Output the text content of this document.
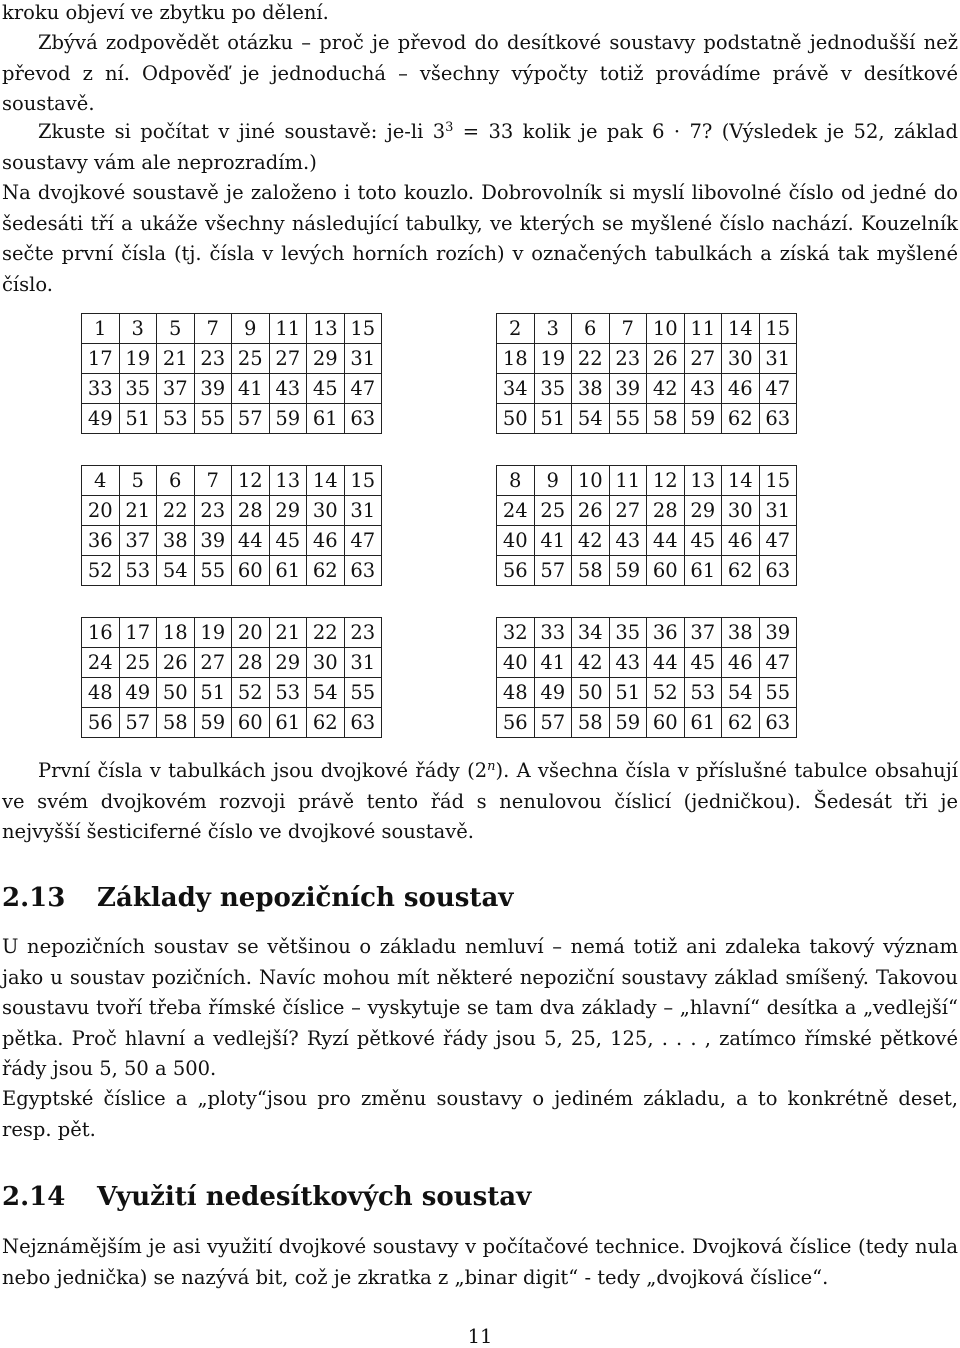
kroku objeví ve zbytku po dělení.

Zbývá zodpovědět otázku – proč je převod do desítkové soustavy podstatně jednodušší než převod z ní. Odpověď je jednoduchá – všechny výpočty totiž provádíme právě v desítkové soustavě.

Zkuste si počítat v jiné soustavě: je-li $3^3 = 33$ kolik je pak 6 · 7? (Výsledek je 52, základ soustavy vám ale neprozradím.)

Na dvojkové soustavě je založeno i toto kouzlo. Dobrovolník si myslí libovolné číslo od jedné do šedesáti tří a ukáže všechny následující tabulky, ve kterých se myšlené číslo nachází. Kouzelník sečte první čísla (tj. čísla v levých horních rozích) v označených tabulkách a získá tak myšlené číslo.

1	3	5	7	9	11	13	15
17	19	21	23	25	27	29	31
33	35	37	39	41	43	45	47
49	51	53	55	57	59	61	63
2	3	6	7	10	11	14	15
18	19	22	23	26	27	30	31
34	35	38	39	42	43	46	47
50	51	54	55	58	59	62	63
4	5	6	7	12	13	14	15
20	21	22	23	28	29	30	31
36	37	38	39	44	45	46	47
52	53	54	55	60	61	62	63
8	9	10	11	12	13	14	15
24	25	26	27	28	29	30	31
40	41	42	43	44	45	46	47
56	57	58	59	60	61	62	63
16	17	18	19	20	21	22	23
24	25	26	27	28	29	30	31
48	49	50	51	52	53	54	55
56	57	58	59	60	61	62	63
32	33	34	35	36	37	38	39
40	41	42	43	44	45	46	47
48	49	50	51	52	53	54	55
56	57	58	59	60	61	62	63

První čísla v tabulkách jsou dvojkové řády (2$^n$). A všechna čísla v příslušné tabulce obsahují ve svém dvojkovém rozvoji právě tento řád s nenulovou číslicí (jedničkou). Šedesát tři je nejvyšší šesticiferné číslo ve dvojkové soustavě.

2.13	Základy nepozičních soustav

U nepozičních soustav se většinou o základu nemluví – nemá totiž ani zdaleka takový význam jako u soustav pozičních. Navíc mohou mít některé nepoziční soustavy základ smíšený. Takovou soustavu tvoří třeba římské číslice – vyskytuje se tam dva základy – „hlavní“ desítka a „vedlejší“ pětka. Proč hlavní a vedlejší? Ryzí pětkové řády jsou 5, 25, 125, . . . , zatímco římské pětkové řády jsou 5, 50 a 500.

Egyptské číslice a „ploty“jsou pro změnu soustavy o jediném základu, a to konkrétně deset, resp. pět.

2.14	Využití nedesítkových soustav

Nejznámějším je asi využití dvojkové soustavy v počítačové technice. Dvojková číslice (tedy nula nebo jednička) se nazývá bit, což je zkratka z „binar digit“ - tedy „dvojková číslice“.

11
